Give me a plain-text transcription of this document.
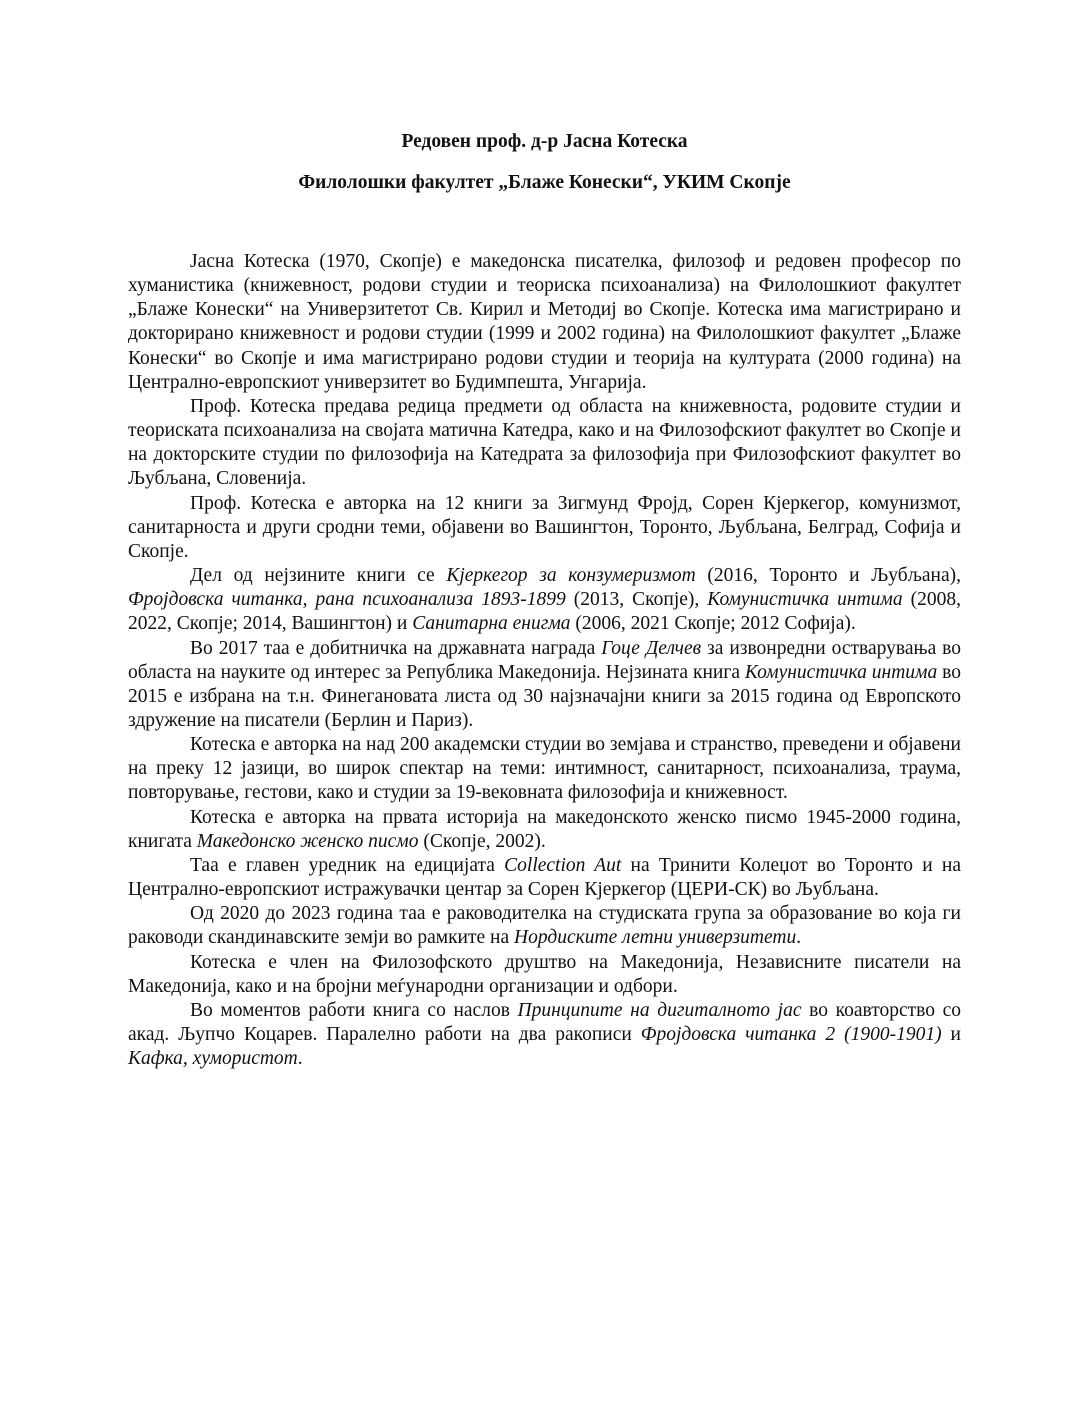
Редовен проф. д-р Јасна Котеска
Филолошки факултет „Блаже Конески“, УКИМ Скопје

Јасна Котеска (1970, Скопје) е македонска писателка, филозоф и редовен професор по хуманистика (книжевност, родови студии и теориска психоанализа) на Филолошкиот факултет „Блаже Конески“ на Универзитетот Св. Кирил и Методиј во Скопје. Котеска има магистрирано и докторирано книжевност и родови студии (1999 и 2002 година) на Филолошкиот факултет „Блаже Конески“ во Скопје и има магистрирано родови студии и теорија на културата (2000 година) на Централно-европскиот универзитет во Будимпешта, Унгарија.

Проф. Котеска предава редица предмети од областа на книжевноста, родовите студии и теориската психоанализа на својата матична Катедра, како и на Филозофскиот факултет во Скопје и на докторските студии по филозофија на Катедрата за филозофија при Филозофскиот факултет во Љубљана, Словенија.

Проф. Котеска е авторка на 12 книги за Зигмунд Фројд, Сорен Кјеркегор, комунизмот, санитарноста и други сродни теми, објавени во Вашингтон, Торонто, Љубљана, Белград, Софија и Скопје.

Дел од нејзините книги се Кјеркегор за конзумеризмот (2016, Торонто и Љубљана), Фројдовска читанка, рана психоанализа 1893-1899 (2013, Скопје), Комунистичка интима (2008, 2022, Скопје; 2014, Вашингтон) и Санитарна енигма (2006, 2021 Скопје; 2012 Софија).

Во 2017 таа е добитничка на државната награда Гоце Делчев за извонредни остварувања во областа на науките од интерес за Република Македонија. Нејзината книга Комунистичка интима во 2015 е избрана на т.н. Финегановата листа од 30 најзначајни книги за 2015 година од Европското здружение на писатели (Берлин и Париз).

Котеска е авторка на над 200 академски студии во земјава и странство, преведени и објавени на преку 12 јазици, во широк спектар на теми: интимност, санитарност, психоанализа, траума, повторување, гестови, како и студии за 19-вековната филозофија и книжевност.

Котеска е авторка на првата историја на македонското женско писмо 1945-2000 година, книгата Македонско женско писмо (Скопје, 2002).

Таа е главен уредник на едицијата Collection Aut на Тринити Колеџот во Торонто и на Централно-европскиот истражувачки центар за Сорен Кјеркегор (ЦЕРИ-СК) во Љубљана.

Од 2020 до 2023 година таа е раководителка на студиската група за образование во која ги раководи скандинавските земји во рамките на Нордиските летни универзитети.

Котеска е член на Филозофското друштво на Македонија, Независните писатели на Македонија, како и на бројни меѓународни организации и одбори.

Во моментов работи книга со наслов Принципите на дигиталното јас во коавторство со акад. Љупчо Коцарев. Паралелно работи на два ракописи Фројдовска читанка 2 (1900-1901) и Кафка, хумористот.
